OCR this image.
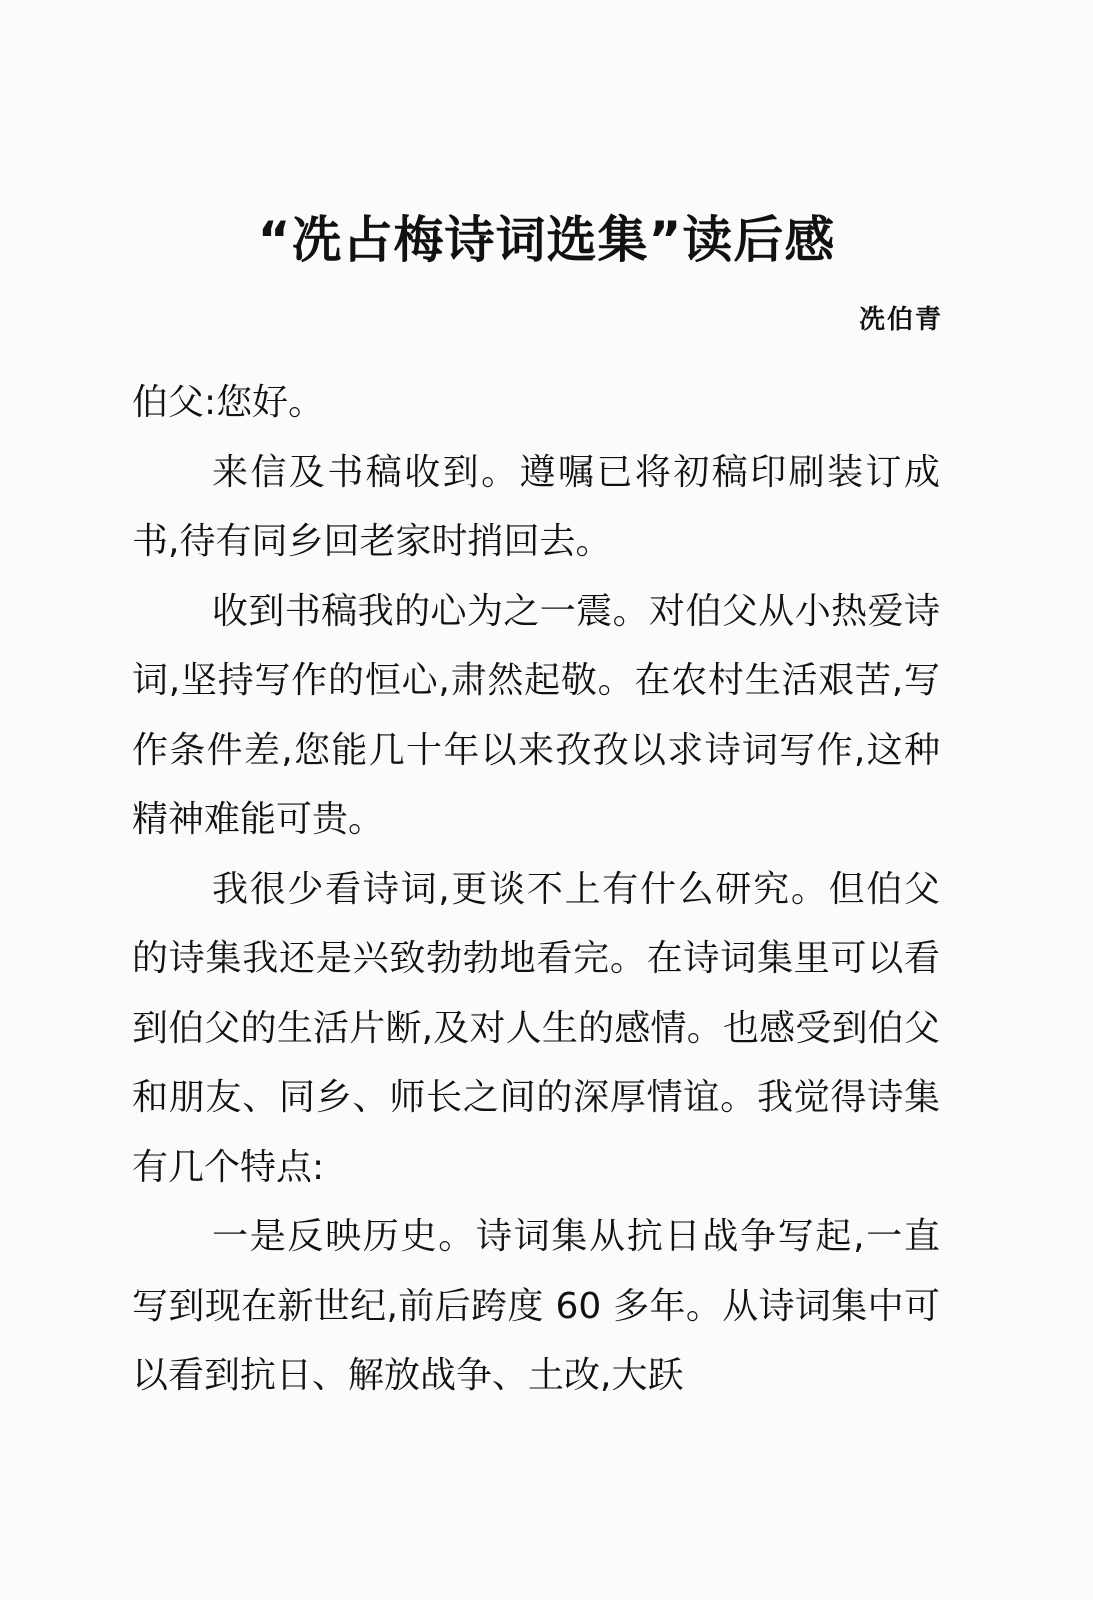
“冼占梅诗词选集”读后感
冼伯青

伯父:您好。

来信及书稿收到。遵嘱已将初稿印刷装订成书,待有同乡回老家时捎回去。

收到书稿我的心为之一震。对伯父从小热爱诗词,坚持写作的恒心,肃然起敬。在农村生活艰苦,写作条件差,您能几十年以来孜孜以求诗词写作,这种精神难能可贵。

我很少看诗词,更谈不上有什么研究。但伯父的诗集我还是兴致勃勃地看完。在诗词集里可以看到伯父的生活片断,及对人生的感情。也感受到伯父和朋友、同乡、师长之间的深厚情谊。我觉得诗集有几个特点:

一是反映历史。诗词集从抗日战争写起,一直写到现在新世纪,前后跨度 60 多年。从诗词集中可以看到抗日、解放战争、土改,大跃
